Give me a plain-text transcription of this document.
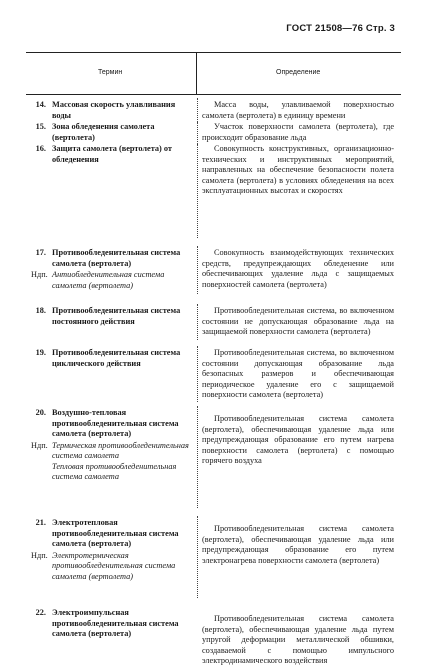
ГОСТ 21508—76 Стр. 3
Термин	Определение
14. Массовая скорость улавливания воды
Масса воды, улавливаемой поверхностью самолета (вертолета) в единицу времени
15. Зона обледенения самолета (вертолета)
Участок поверхности самолета (вертолета), где происходит образование льда
16. Защита самолета (вертолета) от обледенения
Совокупность конструктивных, организационно-технических и инструктивных мероприятий, направленных на обеспечение безопасности полета самолета (вертолета) в условиях обледенения на всех эксплуатационных высотах и скоростях
17. Противообледенительная система самолета (вертолета)
Ндп. Антиобледенительная система самолета (вертолета)
Совокупность взаимодействующих технических средств, предупреждающих обледенение или обеспечивающих удаление льда с защищаемых поверхностей самолета (вертолета)
18. Противообледенительная система постоянного действия
Противообледенительная система, во включенном состоянии не допускающая образование льда на защищаемой поверхности самолета (вертолета)
19. Противообледенительная система циклического действия
Противообледенительная система, во включенном состоянии допускающая образование льда безопасных размеров и обеспечивающая периодическое удаление его с защищаемой поверхности самолета (вертолета)
20. Воздушно-тепловая противообледенительная система самолета (вертолета)
Ндп. Термическая противообледенительная система самолета
Тепловая противообледенительная система самолета
Противообледенительная система самолета (вертолета), обеспечивающая удаление льда или предупреждающая образование его путем нагрева поверхности самолета (вертолета) с помощью горячего воздуха
21. Электротепловая противообледенительная система самолета (вертолета)
Ндп. Электротермическая противообледенительная система самолета (вертолета)
Противообледенительная система самолета (вертолета), обеспечивающая удаление льда или предупреждающая образование его путем электронагрева поверхности самолета (вертолета)
22. Электроимпульсная противообледенительная система самолета (вертолета)
Противообледенительная система самолета (вертолета), обеспечивающая удаление льда путем упругой деформации металлической обшивки, создаваемой с помощью импульсного электродинамического воздействия
